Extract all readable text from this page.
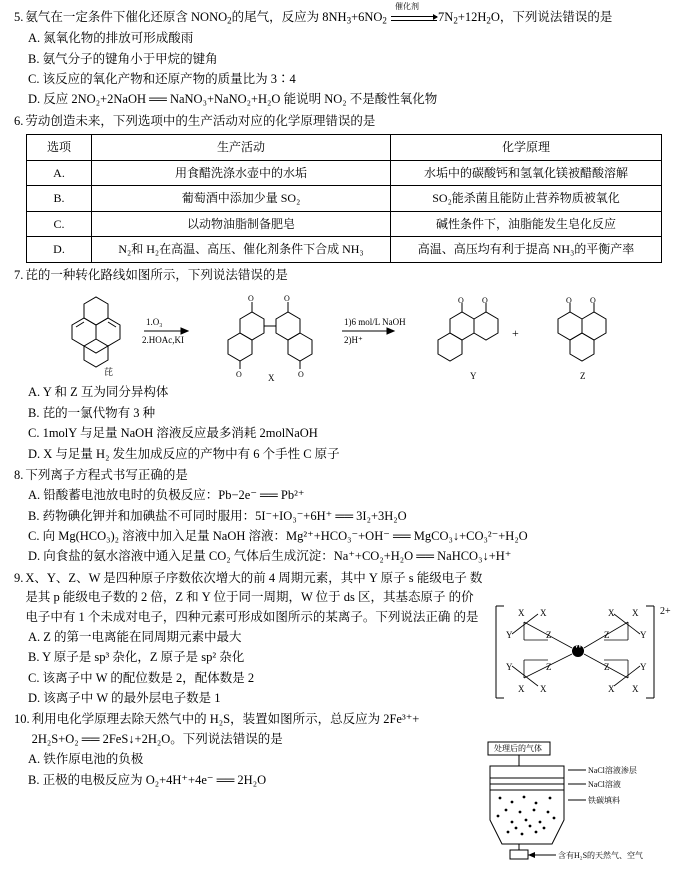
5. 氨气在一定条件下催化还原含 $NONO_2$的尾气，反应为 $8NH_3+6NO_2$
催化剂
$7N_2+12H_2O$，下列说法错误的是
A. 氮氧化物的排放可形成酸雨
B. 氨气分子的键角小于甲烷的键角
C. 该反应的氧化产物和还原产物的质量比为 3∶4
D. 反应 2NO₂+2NaOH ══ NaNO₃+NaNO₂+H₂O 能说明 NO₂ 不是酸性氧化物
6. 劳动创造未来，下列选项中的生产活动对应的化学原理错误的是
选项	生产活动	化学原理
A.	用食醋洗涤水壶中的水垢	水垢中的碳酸钙和氢氧化镁被醋酸溶解
B.	葡萄酒中添加少量 SO₂	SO₂能杀菌且能防止营养物质被氧化
C.	以动物油脂制备肥皂	碱性条件下，油脂能发生皂化反应
D.	N₂和 H₂在高温、高压、催化剂条件下合成 NH₃	高温、高压均有利于提高 NH₃的平衡产率
7. 芘的一种转化路线如图所示，下列说法错误的是
O	O
O	O
O O	O O
1.O₃
2.HOAc,KI
1)6 mol/L NaOH
2)H⁺	+
芘
X	Y	Z
A. Y 和 Z 互为同分异构体
B. 芘的一氯代物有 3 种
C. 1molY 与足量 NaOH 溶液反应最多消耗 2molNaOH
D. X 与足量 H₂ 发生加成反应的产物中有 6 个手性 C 原子
8. 下列离子方程式书写正确的是
A. 铅酸蓄电池放电时的负极反应：Pb−2e⁻ ══ Pb²⁺
B. 药物碘化钾并和加碘盐不可同时服用：5I⁻+IO₃⁻+6H⁺ ══ 3I₂+3H₂O
C. 向 Mg(HCO₃)₂ 溶液中加入足量 NaOH 溶液：Mg²⁺+HCO₃⁻+OH⁻ ══ MgCO₃↓+CO₃²⁻+H₂O
D. 向食盐的氨水溶液中通入足量 CO₂ 气体后生成沉淀：Na⁺+CO₂+H₂O ══ NaHCO₃↓+H⁺
9. X、Y、Z、W 是四种原子序数依次增大的前 4 周期元素，其中 Y 原子 s 能级电子 数是其 p 能级电子数的 2 倍，Z 和 Y 位于同一周期，W 位于 ds 区，其基态原子 的价电子中有 1 个未成对电子，四种元素可形成如图所示的某离子。下列说法正确 的是
A. Z 的第一电离能在同周期元素中最大
B. Y 原子是 sp³ 杂化，Z 原子是 sp² 杂化
C. 该离子中 W 的配位数是 2，配体数是 2
D. 该离子中 W 的最外层电子数是 1
X X	X X
Y	Z	Z	Y
Y	Z	Z	Y
X X	X X
W
2+
10. 利用电化学原理去除天然气中的 H₂S，装置如图所示，总反应为 2Fe³⁺+ 2H₂S+O₂ ══ 2FeS↓+2H₂O。下列说法错误的是
A. 铁作原电池的负极
B. 正极的电极反应为 O₂+4H⁺+4e⁻ ══ 2H₂O
处理后的气体
NaCl溶液渗层
NaCl溶液
铁碳填料
含有H₂S的天然气、空气
